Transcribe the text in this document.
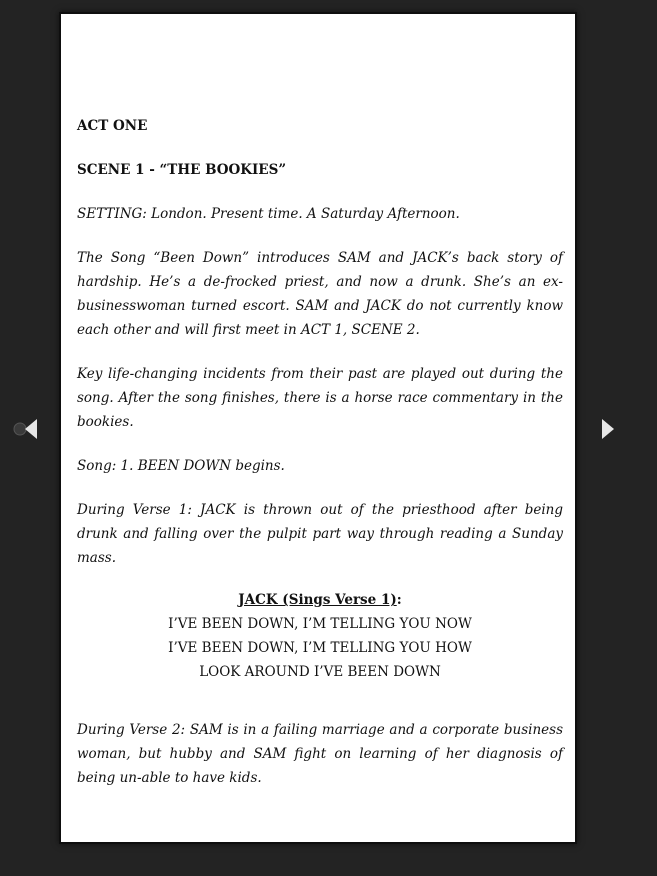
ACT ONE

SCENE 1 - “THE BOOKIES”

SETTING: London. Present time. A Saturday Afternoon.

The Song “Been Down” introduces SAM and JACK’s back story of hardship. He’s a de-frocked priest, and now a drunk. She’s an ex-businesswoman turned escort. SAM and JACK do not currently know each other and will first meet in ACT 1, SCENE 2.

Key life-changing incidents from their past are played out during the song. After the song finishes, there is a horse race commentary in the bookies.

Song: 1. BEEN DOWN begins.

During Verse 1: JACK is thrown out of the priesthood after being drunk and falling over the pulpit part way through reading a Sunday mass.

JACK (Sings Verse 1):
I’VE BEEN DOWN, I’M TELLING YOU NOW
I’VE BEEN DOWN, I’M TELLING YOU HOW
LOOK AROUND I’VE BEEN DOWN

During Verse 2: SAM is in a failing marriage and a corporate business woman, but hubby and SAM fight on learning of her diagnosis of being un-able to have kids.
